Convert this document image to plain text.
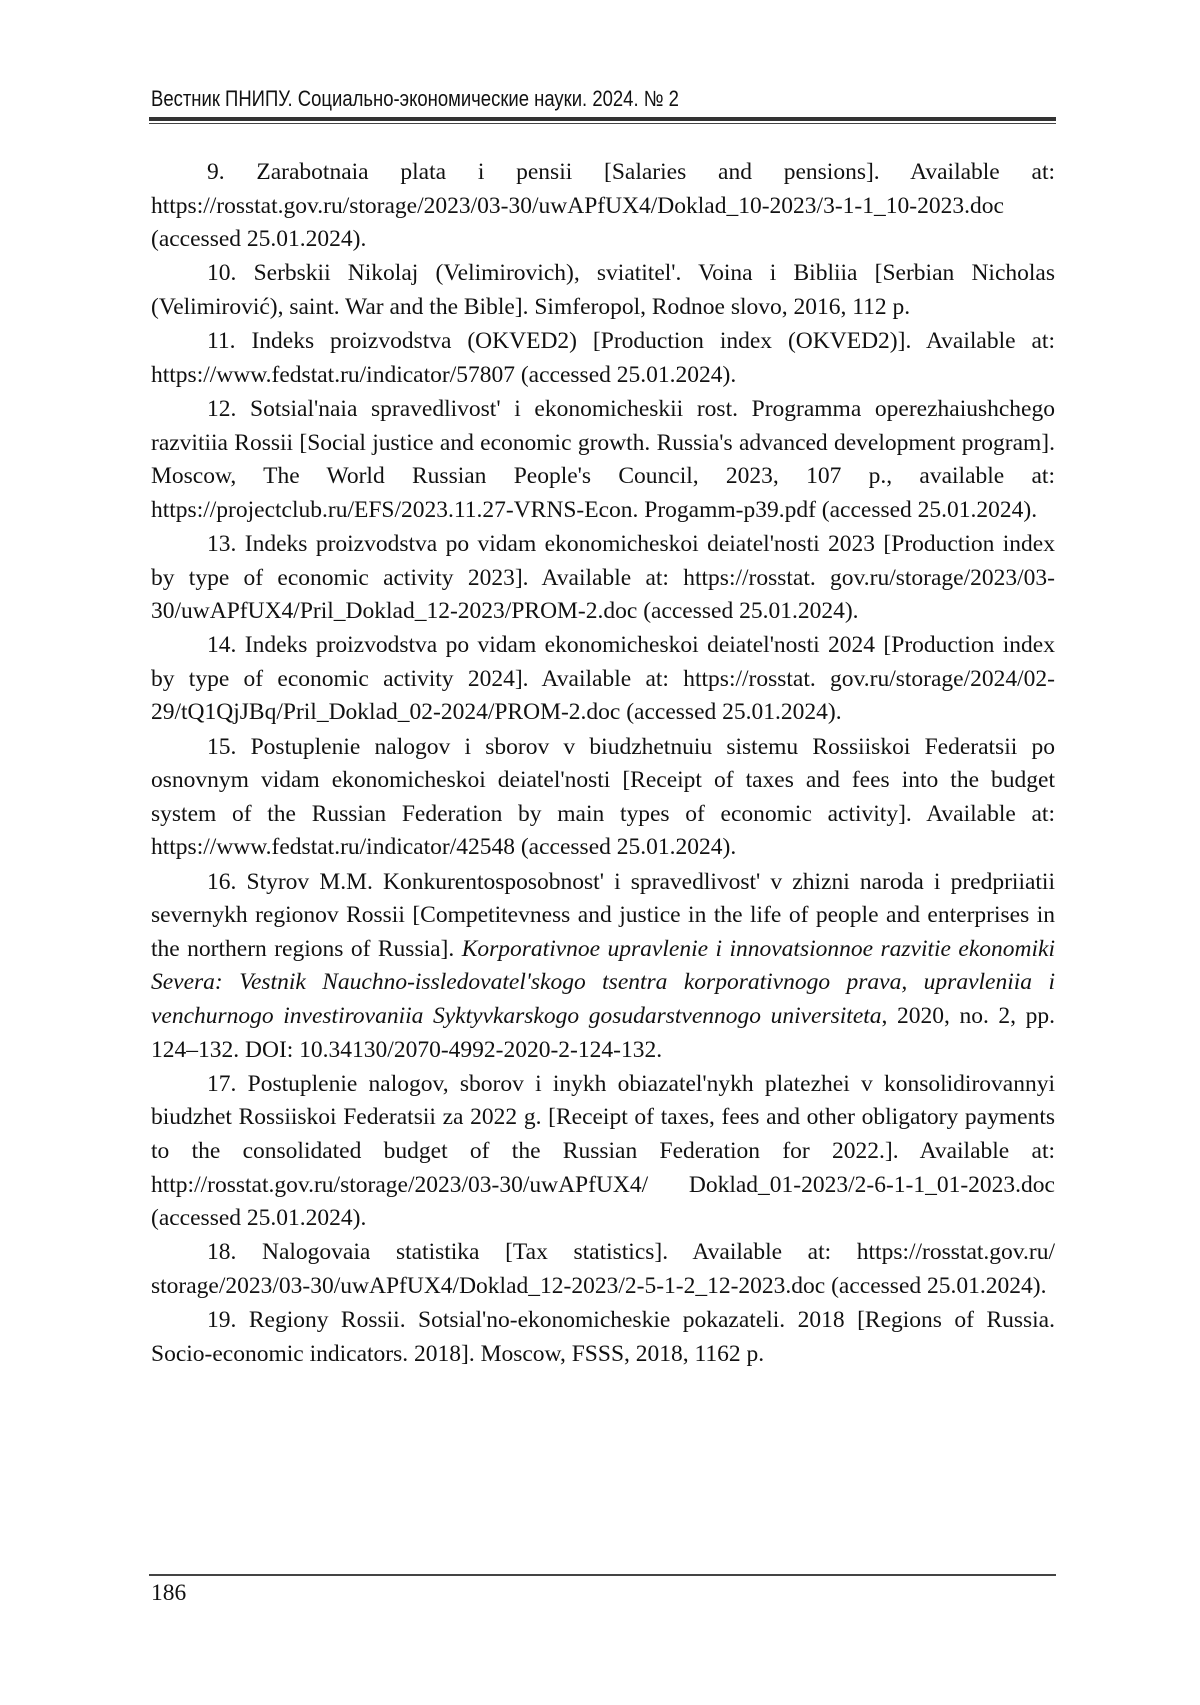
Вестник ПНИПУ. Социально-экономические науки. 2024. № 2

9. Zarabotnaia plata i pensii [Salaries and pensions]. Available at: https://rosstat.gov.ru/storage/2023/03-30/uwAPfUX4/Doklad_10-2023/3-1-1_10-2023.doc (accessed 25.01.2024).

10. Serbskii Nikolaj (Velimirovich), sviatitel'. Voina i Bibliia [Serbian Nicholas (Velimirović), saint. War and the Bible]. Simferopol, Rodnoe slovo, 2016, 112 p.

11. Indeks proizvodstva (OKVED2) [Production index (OKVED2)]. Available at: https://www.fedstat.ru/indicator/57807 (accessed 25.01.2024).

12. Sotsial'naia spravedlivost' i ekonomicheskii rost. Programma operezhaiushchego razvitiia Rossii [Social justice and economic growth. Russia's advanced development program]. Moscow, The World Russian People's Council, 2023, 107 p., available at: https://projectclub.ru/EFS/2023.11.27-VRNS-Econ. Progamm-p39.pdf (accessed 25.01.2024).

13. Indeks proizvodstva po vidam ekonomicheskoi deiatel'nosti 2023 [Production index by type of economic activity 2023]. Available at: https://rosstat. gov.ru/storage/2023/03-30/uwAPfUX4/Pril_Doklad_12-2023/PROM-2.doc (accessed 25.01.2024).

14. Indeks proizvodstva po vidam ekonomicheskoi deiatel'nosti 2024 [Production index by type of economic activity 2024]. Available at: https://rosstat. gov.ru/storage/2024/02-29/tQ1QjJBq/Pril_Doklad_02-2024/PROM-2.doc (accessed 25.01.2024).

15. Postuplenie nalogov i sborov v biudzhetnuiu sistemu Rossiiskoi Federatsii po osnovnym vidam ekonomicheskoi deiatel'nosti [Receipt of taxes and fees into the budget system of the Russian Federation by main types of economic activity]. Available at: https://www.fedstat.ru/indicator/42548 (accessed 25.01.2024).

16. Styrov M.M. Konkurentosposobnost' i spravedlivost' v zhizni naroda i predpriiatii severnykh regionov Rossii [Competitevness and justice in the life of people and enterprises in the northern regions of Russia]. Korporativnoe upravlenie i innovatsionnoe razvitie ekonomiki Severa: Vestnik Nauchno-issledovatel'skogo tsentra korporativnogo prava, upravleniia i venchurnogo investirovaniia Syktyvkarskogo gosudarstvennogo universiteta, 2020, no. 2, pp. 124–132. DOI: 10.34130/2070-4992-2020-2-124-132.

17. Postuplenie nalogov, sborov i inykh obiazatel'nykh platezhei v konsolidirovannyi biudzhet Rossiiskoi Federatsii za 2022 g. [Receipt of taxes, fees and other obligatory payments to the consolidated budget of the Russian Federation for 2022.]. Available at: http://rosstat.gov.ru/storage/2023/03-30/uwAPfUX4/ Doklad_01-2023/2-6-1-1_01-2023.doc (accessed 25.01.2024).

18. Nalogovaia statistika [Tax statistics]. Available at: https://rosstat.gov.ru/ storage/2023/03-30/uwAPfUX4/Doklad_12-2023/2-5-1-2_12-2023.doc (accessed 25.01.2024).

19. Regiony Rossii. Sotsial'no-ekonomicheskie pokazateli. 2018 [Regions of Russia. Socio-economic indicators. 2018]. Moscow, FSSS, 2018, 1162 p.

186
